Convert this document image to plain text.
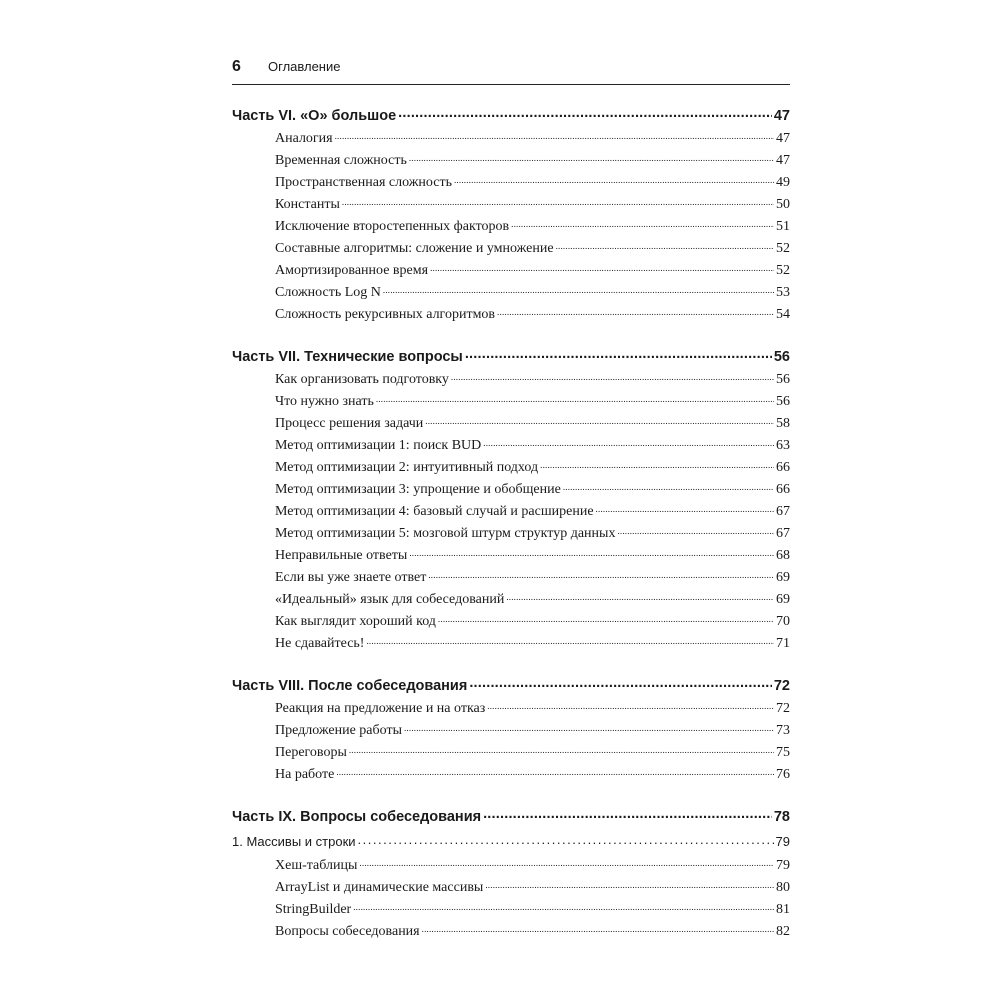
6	Оглавление
Часть VI. «O» большое .....	47
Аналогия .....	47
Временная сложность .....	47
Пространственная сложность .....	49
Константы .....	50
Исключение второстепенных факторов .....	51
Составные алгоритмы: сложение и умножение .....	52
Амортизированное время .....	52
Сложность Log N .....	53
Сложность рекурсивных алгоритмов .....	54
Часть VII. Технические вопросы .....	56
Как организовать подготовку .....	56
Что нужно знать .....	56
Процесс решения задачи .....	58
Метод оптимизации 1: поиск BUD .....	63
Метод оптимизации 2: интуитивный подход .....	66
Метод оптимизации 3: упрощение и обобщение .....	66
Метод оптимизации 4: базовый случай и расширение .....	67
Метод оптимизации 5: мозговой штурм структур данных .....	67
Неправильные ответы .....	68
Если вы уже знаете ответ .....	69
«Идеальный» язык для собеседований .....	69
Как выглядит хороший код .....	70
Не сдавайтесь! .....	71
Часть VIII. После собеседования .....	72
Реакция на предложение и на отказ .....	72
Предложение работы .....	73
Переговоры .....	75
На работе .....	76
Часть IX. Вопросы собеседования .....	78
1. Массивы и строки .....	79
Хеш-таблицы .....	79
ArrayList и динамические массивы .....	80
StringBuilder .....	81
Вопросы собеседования .....	82
